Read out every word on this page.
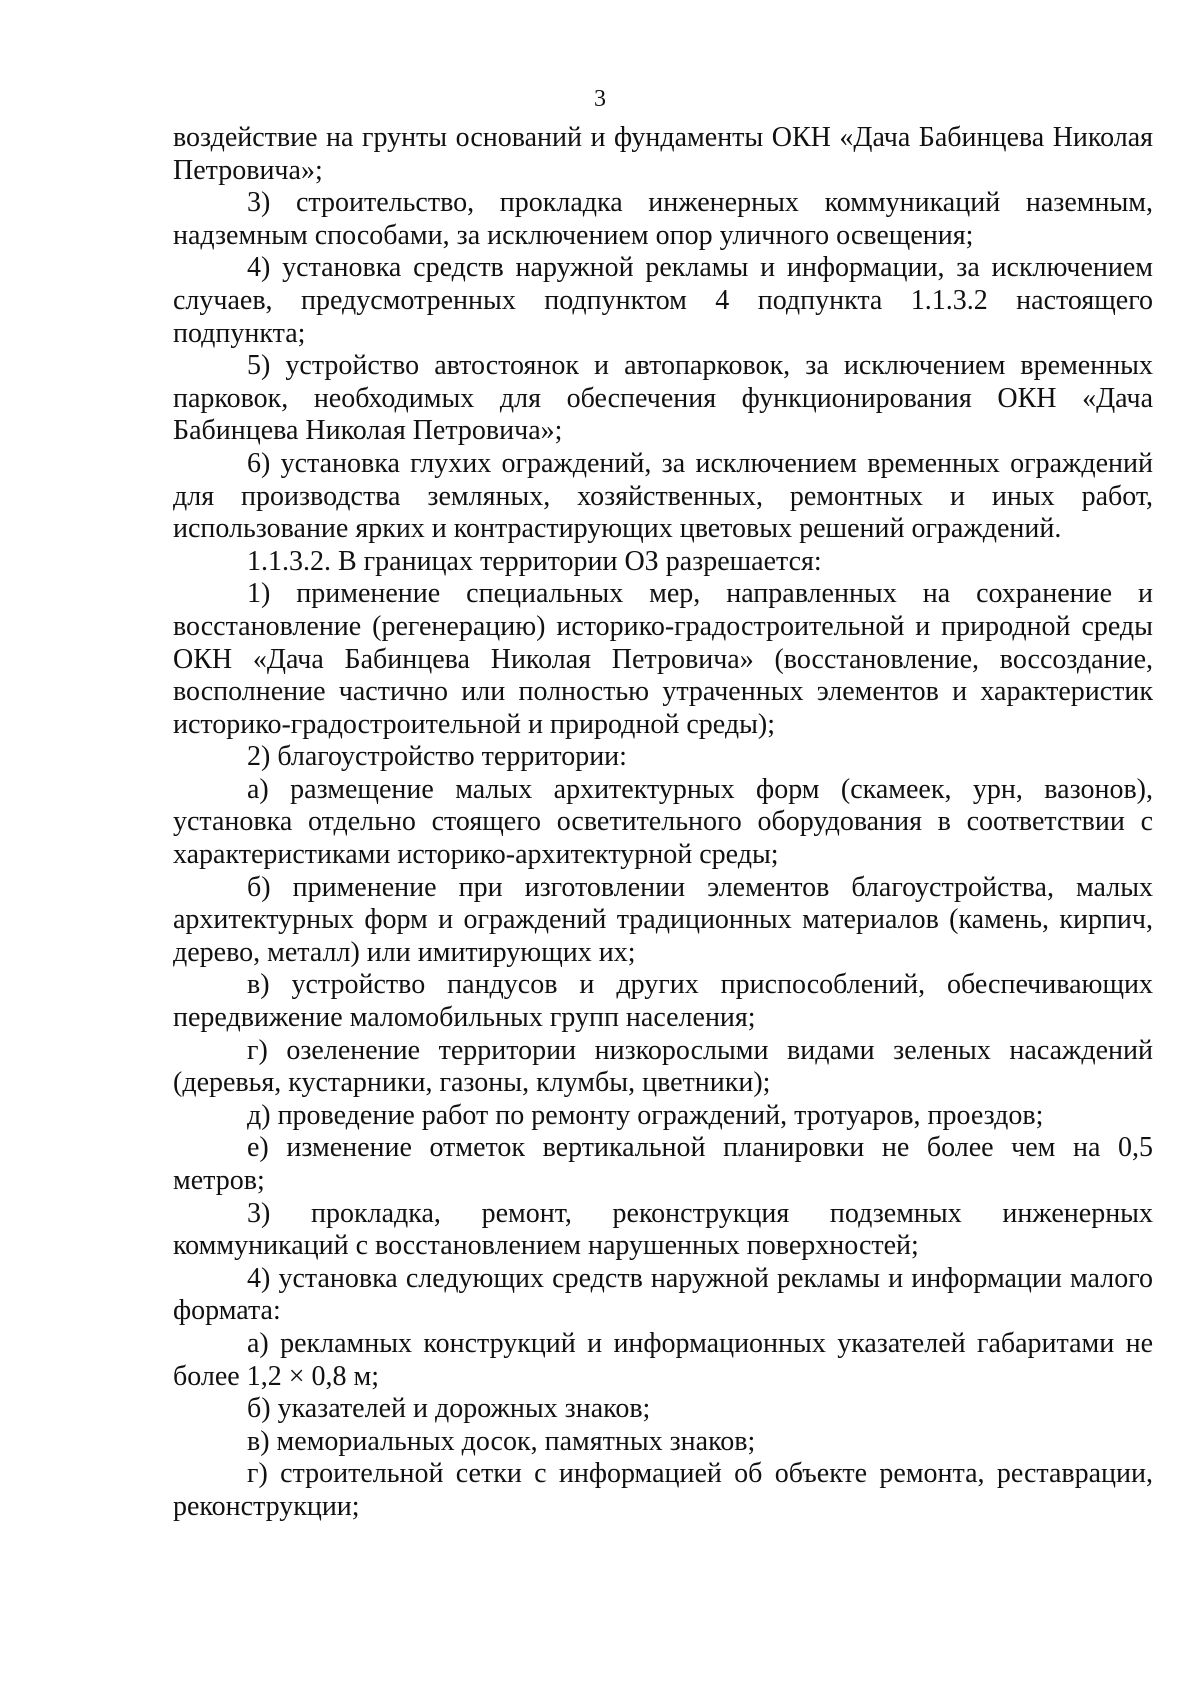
3

воздействие на грунты оснований и фундаменты ОКН «Дача Бабинцева Николая Петровича»;

3) строительство, прокладка инженерных коммуникаций наземным, надземным способами, за исключением опор уличного освещения;

4) установка средств наружной рекламы и информации, за исключением случаев, предусмотренных подпунктом 4 подпункта 1.1.3.2 настоящего подпункта;

5) устройство автостоянок и автопарковок, за исключением временных парковок, необходимых для обеспечения функционирования ОКН «Дача Бабинцева Николая Петровича»;

6) установка глухих ограждений, за исключением временных ограждений для производства земляных, хозяйственных, ремонтных и иных работ, использование ярких и контрастирующих цветовых решений ограждений.

1.1.3.2. В границах территории ОЗ разрешается:

1) применение специальных мер, направленных на сохранение и восстановление (регенерацию) историко-градостроительной и природной среды ОКН «Дача Бабинцева Николая Петровича» (восстановление, воссоздание, восполнение частично или полностью утраченных элементов и характеристик историко-градостроительной и природной среды);

2) благоустройство территории:

а) размещение малых архитектурных форм (скамеек, урн, вазонов), установка отдельно стоящего осветительного оборудования в соответствии с характеристиками историко-архитектурной среды;

б) применение при изготовлении элементов благоустройства, малых архитектурных форм и ограждений традиционных материалов (камень, кирпич, дерево, металл) или имитирующих их;

в) устройство пандусов и других приспособлений, обеспечивающих передвижение маломобильных групп населения;

г) озеленение территории низкорослыми видами зеленых насаждений (деревья, кустарники, газоны, клумбы, цветники);

д) проведение работ по ремонту ограждений, тротуаров, проездов;

е) изменение отметок вертикальной планировки не более чем на 0,5 метров;

3) прокладка, ремонт, реконструкция подземных инженерных коммуникаций с восстановлением нарушенных поверхностей;

4) установка следующих средств наружной рекламы и информации малого формата:

а) рекламных конструкций и информационных указателей габаритами не более 1,2 × 0,8 м;

б) указателей и дорожных знаков;

в) мемориальных досок, памятных знаков;

г) строительной сетки с информацией об объекте ремонта, реставрации, реконструкции;
